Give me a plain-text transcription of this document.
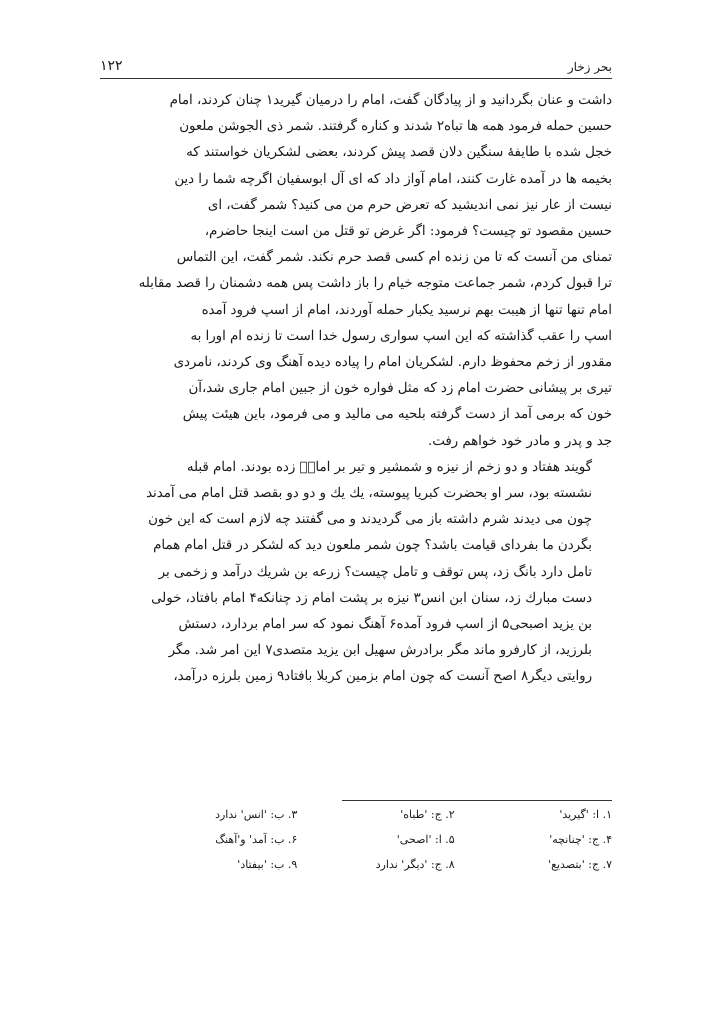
۱۲۲	بحر زخار

داشت و عنان بگردانید و از پیادگان گفت، امام را درمیان گیرید۱ چنان کردند، امام
حسین حمله فرمود همه ها تباه۲ شدند و کناره گرفتند. شمر ذی الجوشن ملعون
خجل شده با طایفهٔ سنگین دلان قصد پیش کردند، بعضی لشکریان خواستند که
بخیمه ها در آمده غارت کنند، امام آواز داد که ای آل ابوسفیان اگرچه شما را دین
نیست از عار نیز نمی اندیشید که تعرض حرم من می کنید؟ شمر گفت، ای
حسین مقصود تو چیست؟ فرمود: اگر غرض تو قتل من است اینجا حاضرم،
تمنای من آنست که تا من زنده ام کسی قصد حرم نکند. شمر گفت، این التماس
ترا قبول کردم، شمر جماعت متوجه خیام را باز داشت پس همه دشمنان را قصد مقابله
امام تنها تنها از هیبت بهم نرسید یکبار حمله آوردند، امام از اسپ فرود آمده
اسپ را عقب گذاشته که این اسپ سواری رسول خدا است تا زنده ام اورا به
مقدور از زخم محفوظ دارم. لشکریان امام را پیاده دیده آهنگ وی کردند، نامردی
تیری بر پیشانی حضرت امام زد که مثل فواره خون از جبین امام جاری شد،آن
خون که برمی آمد از دست گرفته بلحیه می مالید و می فرمود، باین هیئت پیش
جد و پدر و مادر خود خواهم رفت.

گویند هفتاد و دو زخم از نیزه و شمشیر و تیر بر امامؑ زده بودند. امام قبله
نشسته بود، سر او بحضرت کبریا پیوسته، یك یك و دو دو بقصد قتل امام می آمدند
چون می دیدند شرم داشته باز می گردیدند و می گفتند چه لازم است که این خون
بگردن ما بفردای قیامت باشد؟ چون شمر ملعون دید که لشکر در قتل امام همام
تامل دارد بانگ زد، پس توقف و تامل چیست؟ زرعه بن شریك درآمد و زخمی بر
دست مبارك زد، سنان ابن انس۳ نیزه بر پشت امام زد چنانکه۴ امام بافتاد، خولی
بن یزید اصبحی۵ از اسپ فرود آمده۶ آهنگ نمود که سر امام بردارد، دستش
بلرزید، از کارفرو ماند مگر برادرش سهیل ابن یزید متصدی۷ این امر شد. مگر
روایتی دیگر۸ اصح آنست که چون امام بزمین کربلا بافتاد۹ زمین بلرزه درآمد،

۱. ا: 'گیرید'
۲. ج: 'طباه'
۳. ب: 'انس' ندارد
۴. ج: 'چنانچه'
۵. ا: 'اصحی'
۶. ب: آمد' و'آهنگ
۷. ج: 'بتصدیع'
۸. ج: 'دیگر' ندارد
۹. ب: 'بیفتاد'
